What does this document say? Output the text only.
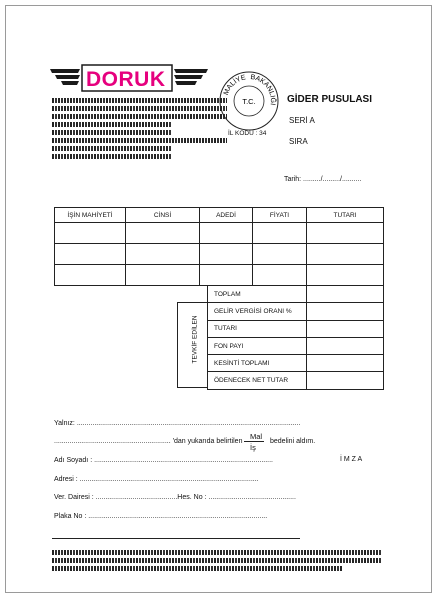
DORUK
MALİYE BAKANLIĞI
T.C.
İL KODU : 34
GİDER PUSULASI
SERİ A
SIRA
Tarih: ........./........./..........
İŞİN MAHİYETİ	CİNSİ	ADEDİ	FİYATI	TUTARI

TEVKİF EDİLEN
TOPLAM	
GELİR VERGİSİ ORANI %	
TUTARI	
FON PAYI	
KESİNTİ TOPLAMI	
ÖDENECEK NET TUTAR	
Yalnız: ...................................................................................................................
............................................................ 'dan yukarıda belirtilen
Mal
İş
bedelini aldım.
Adı Soyadı : ............................................................................................	İ M Z A
Adresi : ............................................................................................
Ver. Dairesi : ..........................................Hes. No : .............................................
Plaka No : ............................................................................................
